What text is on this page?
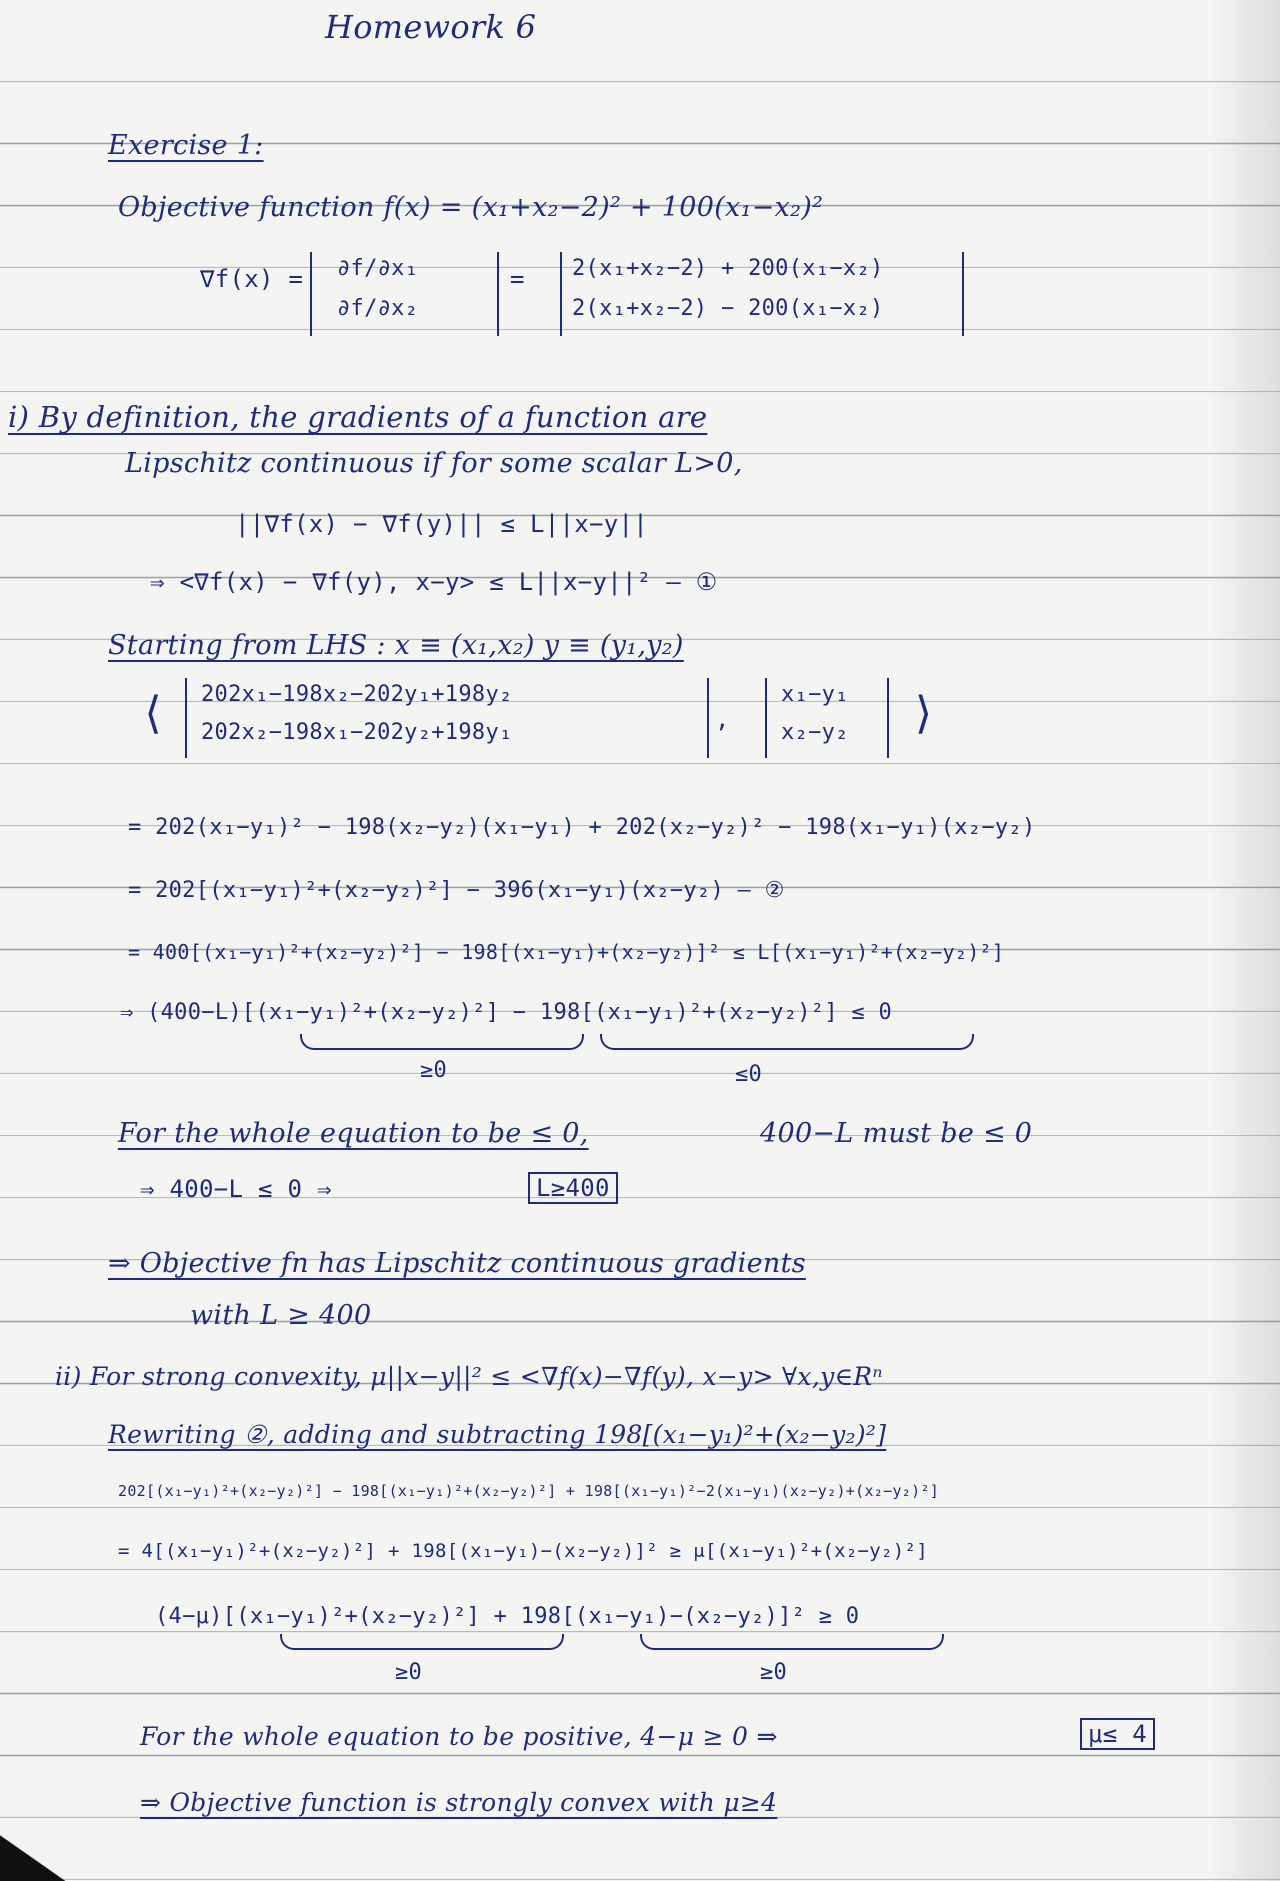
Homework 6
Exercise 1:
Objective function f(x) = (x₁+x₂−2)² + 100(x₁−x₂)²
∇f(x) = ∂f/∂x₁
∂f/∂x₂
= 2(x₁+x₂−2) + 200(x₁−x₂)
2(x₁+x₂−2) − 200(x₁−x₂)
i) By definition, the gradients of a function are
Lipschitz continuous if for some scalar L>0,
||∇f(x) − ∇f(y)|| ≤ L||x−y||
⇒ <∇f(x) − ∇f(y), x−y> ≤ L||x−y||² — ①
Starting from LHS : x ≡ (x₁,x₂) y ≡ (y₁,y₂)
⟨ 202x₁−198x₂−202y₁+198y₂
202x₂−198x₁−202y₂+198y₁	,
x₁−y₁
x₂−y₂ ⟩
= 202(x₁−y₁)² − 198(x₂−y₂)(x₁−y₁) + 202(x₂−y₂)² − 198(x₁−y₁)(x₂−y₂)
= 202[(x₁−y₁)²+(x₂−y₂)²] − 396(x₁−y₁)(x₂−y₂) — ②
= 400[(x₁−y₁)²+(x₂−y₂)²] − 198[(x₁−y₁)+(x₂−y₂)]² ≤ L[(x₁−y₁)²+(x₂−y₂)²]
⇒ (400−L)[(x₁−y₁)²+(x₂−y₂)²] − 198[(x₁−y₁)²+(x₂−y₂)²] ≤ 0
≥0	≤0
For the whole equation to be ≤ 0,	400−L must be ≤ 0
⇒ 400−L ≤ 0 ⇒	L≥400
⇒ Objective fn has Lipschitz continuous gradients
with L ≥ 400
ii) For strong convexity, μ||x−y||² ≤ <∇f(x)−∇f(y), x−y> ∀x,y∈Rⁿ
Rewriting ②, adding and subtracting 198[(x₁−y₁)²+(x₂−y₂)²]
202[(x₁−y₁)²+(x₂−y₂)²] − 198[(x₁−y₁)²+(x₂−y₂)²] + 198[(x₁−y₁)²−2(x₁−y₁)(x₂−y₂)+(x₂−y₂)²]
= 4[(x₁−y₁)²+(x₂−y₂)²] + 198[(x₁−y₁)−(x₂−y₂)]² ≥ μ[(x₁−y₁)²+(x₂−y₂)²]
(4−μ)[(x₁−y₁)²+(x₂−y₂)²] + 198[(x₁−y₁)−(x₂−y₂)]² ≥ 0
≥0	≥0
For the whole equation to be positive, 4−μ ≥ 0 ⇒	μ≤ 4
⇒ Objective function is strongly convex with μ≥4
